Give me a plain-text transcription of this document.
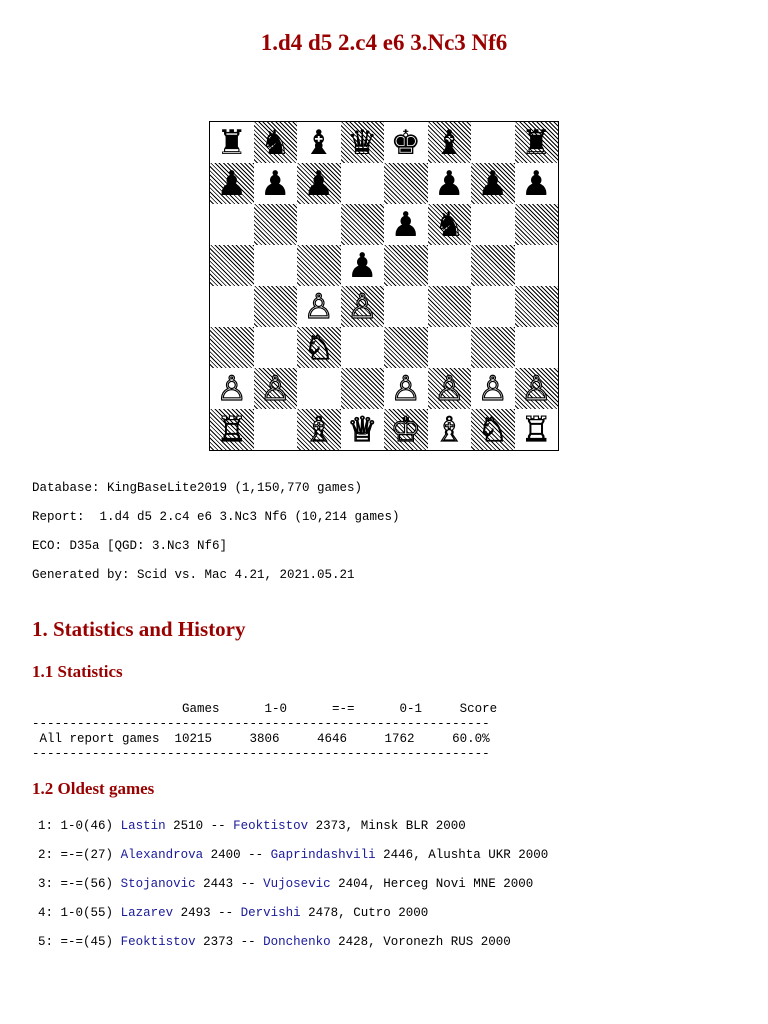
1.d4 d5 2.c4 e6 3.Nc3 Nf6
♜ ♞ ♝ ♛ ♚ ♝ ♜
♟ ♟ ♟	♟ ♟ ♟
♟ ♞
♟
♙ ♙
♘
♙ ♙	♙ ♙ ♙ ♙
♖ ♗ ♕ ♔ ♗ ♘ ♖

Database: KingBaseLite2019 (1,150,770 games)

Report:  1.d4 d5 2.c4 e6 3.Nc3 Nf6 (10,214 games)

ECO: D35a [QGD: 3.Nc3 Nf6]

Generated by: Scid vs. Mac 4.21, 2021.05.21

1. Statistics and History
1.1 Statistics
Games      1-0      =-=      0-1     Score
-------------------------------------------------------------
All report games  10215     3806     4646     1762     60.0%
-------------------------------------------------------------
1.2 Oldest games
1: 1-0(46) Lastin 2510 -- Feoktistov 2373, Minsk BLR 2000
2: =-=(27) Alexandrova 2400 -- Gaprindashvili 2446, Alushta UKR 2000
3: =-=(56) Stojanovic 2443 -- Vujosevic 2404, Herceg Novi MNE 2000
4: 1-0(55) Lazarev 2493 -- Dervishi 2478, Cutro 2000
5: =-=(45) Feoktistov 2373 -- Donchenko 2428, Voronezh RUS 2000
